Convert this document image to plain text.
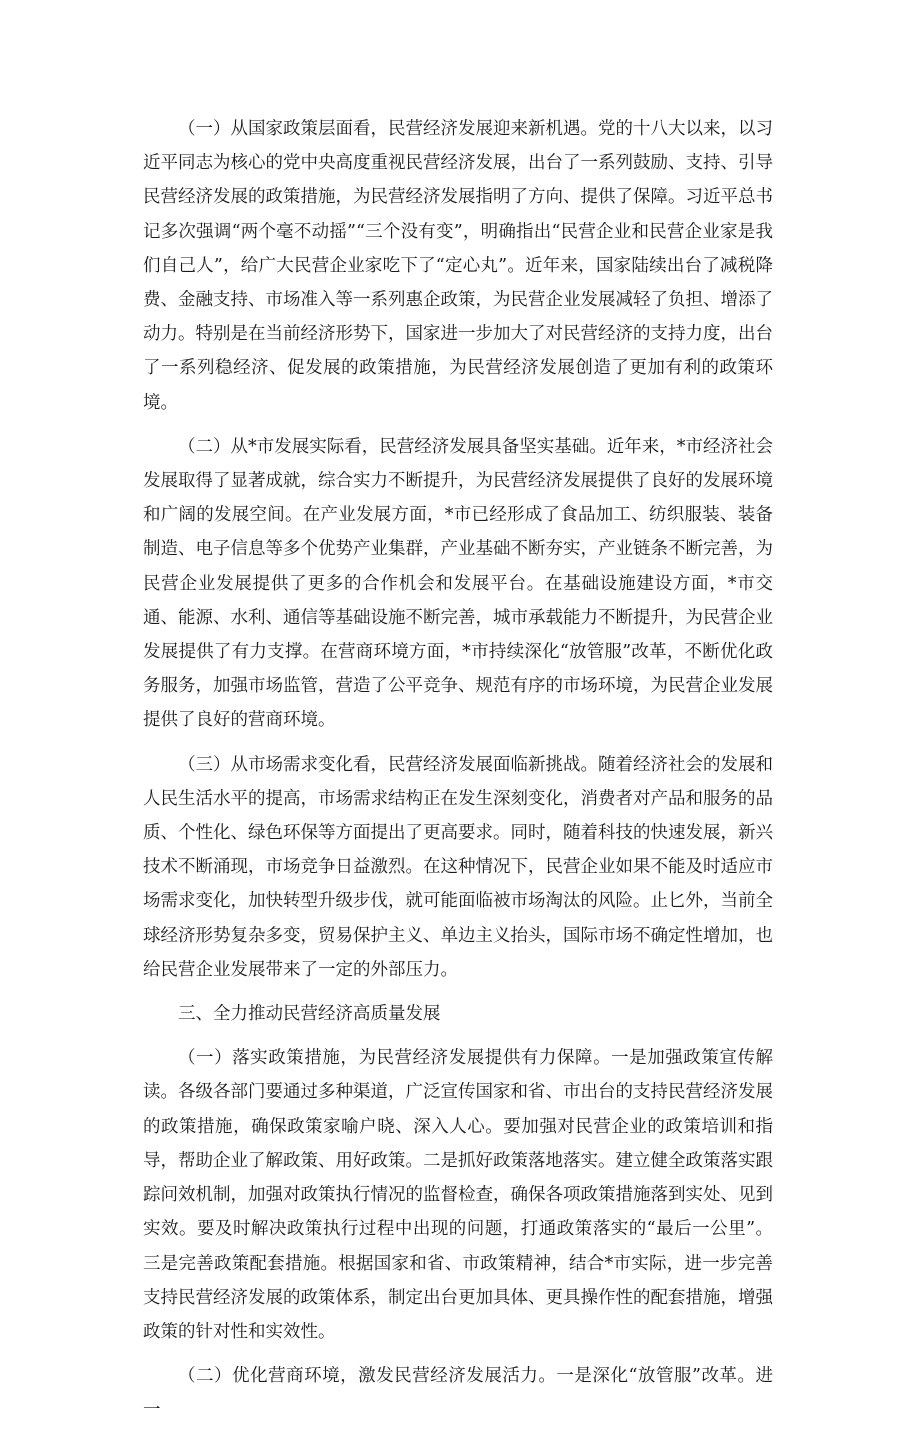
（一）从国家政策层面看，民营经济发展迎来新机遇。党的十八大以来，以习近平同志为核心的党中央高度重视民营经济发展，出台了一系列鼓励、支持、引导民营经济发展的政策措施，为民营经济发展指明了方向、提供了保障。习近平总书记多次强调“两个毫不动摇”“三个没有变”，明确指出“民营企业和民营企业家是我们自己人”，给广大民营企业家吃下了“定心丸”。近年来，国家陆续出台了减税降费、金融支持、市场准入等一系列惠企政策，为民营企业发展减轻了负担、增添了动力。特别是在当前经济形势下，国家进一步加大了对民营经济的支持力度，出台了一系列稳经济、促发展的政策措施，为民营经济发展创造了更加有利的政策环境。

（二）从*市发展实际看，民营经济发展具备坚实基础。近年来，*市经济社会发展取得了显著成就，综合实力不断提升，为民营经济发展提供了良好的发展环境和广阔的发展空间。在产业发展方面，*市已经形成了食品加工、纺织服装、装备制造、电子信息等多个优势产业集群，产业基础不断夯实，产业链条不断完善，为民营企业发展提供了更多的合作机会和发展平台。在基础设施建设方面，*市交通、能源、水利、通信等基础设施不断完善，城市承载能力不断提升，为民营企业发展提供了有力支撑。在营商环境方面，*市持续深化“放管服”改革，不断优化政务服务，加强市场监管，营造了公平竞争、规范有序的市场环境，为民营企业发展提供了良好的营商环境。

（三）从市场需求变化看，民营经济发展面临新挑战。随着经济社会的发展和人民生活水平的提高，市场需求结构正在发生深刻变化，消费者对产品和服务的品质、个性化、绿色环保等方面提出了更高要求。同时，随着科技的快速发展，新兴技术不断涌现，市场竞争日益激烈。在这种情况下，民营企业如果不能及时适应市场需求变化，加快转型升级步伐，就可能面临被市场淘汰的风险。止匕外，当前全球经济形势复杂多变，贸易保护主义、单边主义抬头，国际市场不确定性增加，也给民营企业发展带来了一定的外部压力。

三、全力推动民营经济高质量发展

（一）落实政策措施，为民营经济发展提供有力保障。一是加强政策宣传解读。各级各部门要通过多种渠道，广泛宣传国家和省、市出台的支持民营经济发展的政策措施，确保政策家喻户晓、深入人心。要加强对民营企业的政策培训和指导，帮助企业了解政策、用好政策。二是抓好政策落地落实。建立健全政策落实跟踪问效机制，加强对政策执行情况的监督检查，确保各项政策措施落到实处、见到实效。要及时解决政策执行过程中出现的问题，打通政策落实的“最后一公里”。三是完善政策配套措施。根据国家和省、市政策精神，结合*市实际，进一步完善支持民营经济发展的政策体系，制定出台更加具体、更具操作性的配套措施，增强政策的针对性和实效性。

（二）优化营商环境，激发民营经济发展活力。一是深化“放管服”改革。进一
